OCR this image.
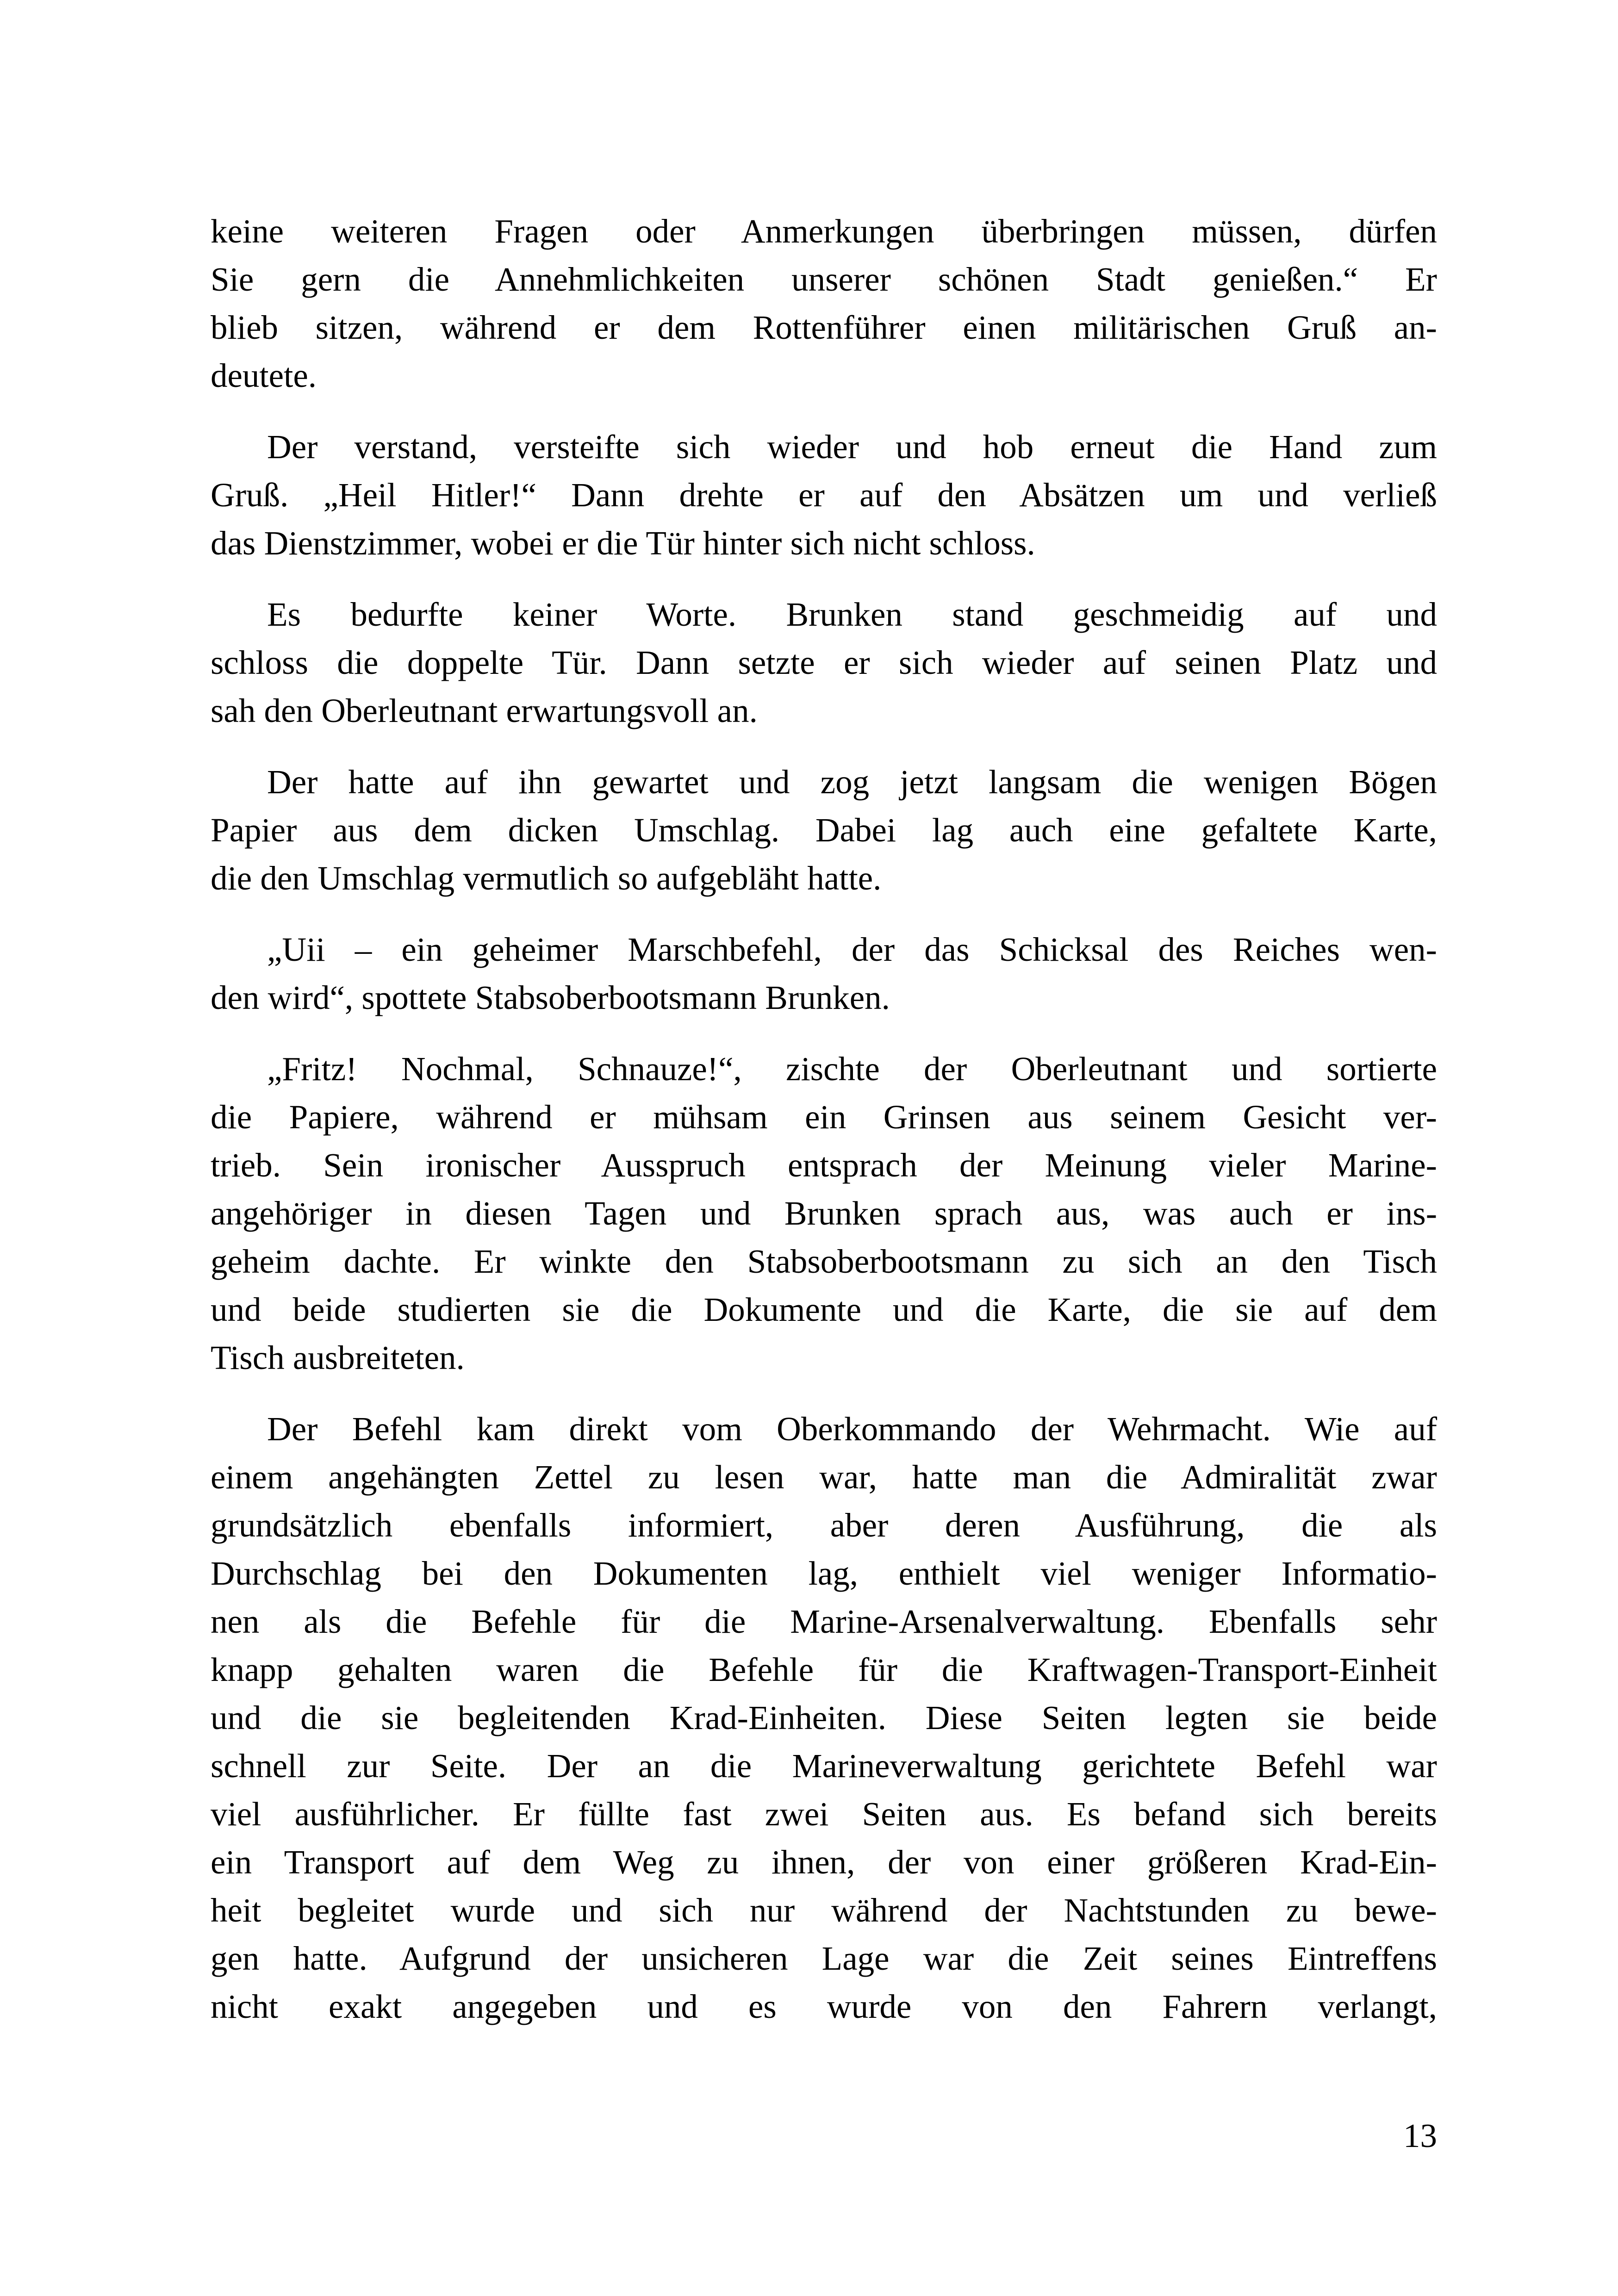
keine weiteren Fragen oder Anmerkungen überbringen müssen, dürfen
Sie gern die Annehmlichkeiten unserer schönen Stadt genießen.“ Er
blieb sitzen, während er dem Rottenführer einen militärischen Gruß an-
deutete.
Der verstand, versteifte sich wieder und hob erneut die Hand zum
Gruß. „Heil Hitler!“ Dann drehte er auf den Absätzen um und verließ
das Dienstzimmer, wobei er die Tür hinter sich nicht schloss.
Es bedurfte keiner Worte. Brunken stand geschmeidig auf und
schloss die doppelte Tür. Dann setzte er sich wieder auf seinen Platz und
sah den Oberleutnant erwartungsvoll an.
Der hatte auf ihn gewartet und zog jetzt langsam die wenigen Bögen
Papier aus dem dicken Umschlag. Dabei lag auch eine gefaltete Karte,
die den Umschlag vermutlich so aufgebläht hatte.
„Uii – ein geheimer Marschbefehl, der das Schicksal des Reiches wen-
den wird“, spottete Stabsoberbootsmann Brunken.
„Fritz! Nochmal, Schnauze!“, zischte der Oberleutnant und sortierte
die Papiere, während er mühsam ein Grinsen aus seinem Gesicht ver-
trieb. Sein ironischer Ausspruch entsprach der Meinung vieler Marine-
angehöriger in diesen Tagen und Brunken sprach aus, was auch er ins-
geheim dachte. Er winkte den Stabsoberbootsmann zu sich an den Tisch
und beide studierten sie die Dokumente und die Karte, die sie auf dem
Tisch ausbreiteten.
Der Befehl kam direkt vom Oberkommando der Wehrmacht. Wie auf
einem angehängten Zettel zu lesen war, hatte man die Admiralität zwar
grundsätzlich ebenfalls informiert, aber deren Ausführung, die als
Durchschlag bei den Dokumenten lag, enthielt viel weniger Informatio-
nen als die Befehle für die Marine-Arsenalverwaltung. Ebenfalls sehr
knapp gehalten waren die Befehle für die Kraftwagen-Transport-Einheit
und die sie begleitenden Krad-Einheiten. Diese Seiten legten sie beide
schnell zur Seite. Der an die Marineverwaltung gerichtete Befehl war
viel ausführlicher. Er füllte fast zwei Seiten aus. Es befand sich bereits
ein Transport auf dem Weg zu ihnen, der von einer größeren Krad-Ein-
heit begleitet wurde und sich nur während der Nachtstunden zu bewe-
gen hatte. Aufgrund der unsicheren Lage war die Zeit seines Eintreffens
nicht exakt angegeben und es wurde von den Fahrern verlangt,
13
